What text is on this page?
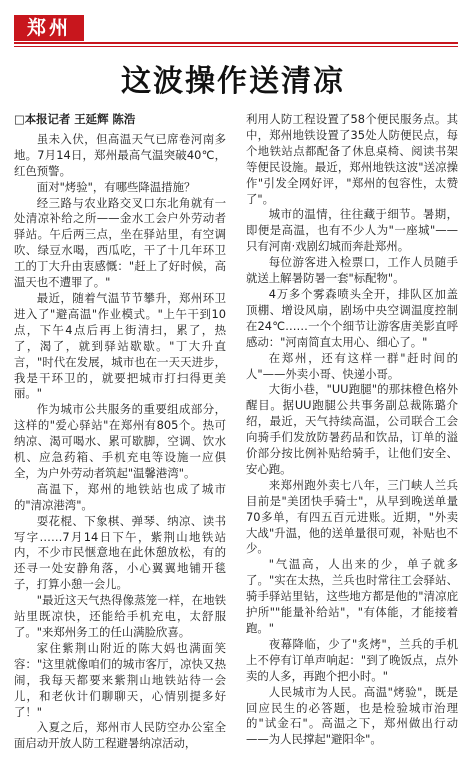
郑州
这波操作送清凉

□本报记者 王延辉 陈浩

虽未入伏，但高温天气已席卷河南多地。7月14日，郑州最高气温突破40℃，红色预警。

面对"烤验"，有哪些降温措施？

经三路与农业路交叉口东北角就有一处清凉补给之所——金水工会户外劳动者驿站。午后两三点，坐在驿站里，有空调吹、绿豆水喝，西瓜吃，干了十几年环卫工的丁大升由衷感慨："赶上了好时候，高温天也不遭罪了。"

最近，随着气温节节攀升，郑州环卫进入了"避高温"作业模式。"上午干到10点，下午4点后再上街清扫，累了，热了，渴了，就到驿站歇歇。"丁大升直言，"时代在发展，城市也在一天天进步，我是干环卫的，就要把城市打扫得更美丽。"

作为城市公共服务的重要组成部分，这样的"爱心驿站"在郑州有805个。热可纳凉、渴可喝水、累可歇脚，空调、饮水机、应急药箱、手机充电等设施一应俱全，为户外劳动者筑起"温馨港湾"。

高温下，郑州的地铁站也成了城市的"清凉港湾"。

耍花棍、下象棋、弹琴、纳凉、读书写字……7月14日下午，紫荆山地铁站内，不少市民惬意地在此休憩放松，有的还寻一处安静角落，小心翼翼地铺开毯子，打算小憩一会儿。

"最近这天气热得像蒸笼一样，在地铁站里既凉快，还能给手机充电，太舒服了。"来郑州务工的任山满脸欣喜。

家住紫荆山附近的陈大妈也满面笑容："这里就像咱们的城市客厅，凉快又热闹，我每天都要来紫荆山地铁站待一会儿，和老伙计们聊聊天，心情别提多好了！"

入夏之后，郑州市人民防空办公室全面启动开放人防工程避暑纳凉活动，

利用人防工程设置了58个便民服务点。其中，郑州地铁设置了35处人防便民点，每个地铁站点都配备了休息桌椅、阅读书架等便民设施。最近，郑州地铁这波"送凉操作"引发全网好评，"郑州的包容性，太赞了"。

城市的温情，往往藏于细节。暑期，即便是高温，也有不少人为"一座城"——只有河南·戏剧幻城而奔赴郑州。

每位游客进入检票口，工作人员随手就送上解暑防暑一套"标配物"。

4万多个雾森喷头全开，排队区加盖顶棚、增设风扇，剧场中央空调温度控制在24℃……一个个细节让游客唐美影直呼感动："河南简直太用心、细心了。"

在郑州，还有这样一群"赶时间的人"——外卖小哥、快递小哥。

大街小巷，"UU跑腿"的那抹橙色格外醒目。据UU跑腿公共事务副总裁陈璐介绍，最近，天气持续高温，公司联合工会向骑手们发放防暑药品和饮品，订单的溢价部分按比例补贴给骑手，让他们安全、安心跑。

来郑州跑外卖七八年，三门峡人兰兵目前是"美团快手骑士"，从早到晚送单量70多单，有四五百元进账。近期，"外卖大战"升温，他的送单量很可观，补贴也不少。

"气温高，人出来的少，单子就多了。"实在太热，兰兵也时常往工会驿站、骑手驿站里钻，这些地方都是他的"清凉庇护所""能量补给站"，"有体能，才能接着跑。"

夜幕降临，少了"炙烤"，兰兵的手机上不停有订单声响起："到了晚饭点，点外卖的人多，再跑个把小时。"

人民城市为人民。高温"烤验"，既是回应民生的必答题，也是检验城市治理的"试金石"。高温之下，郑州做出行动——为人民撑起"避阳伞"。
